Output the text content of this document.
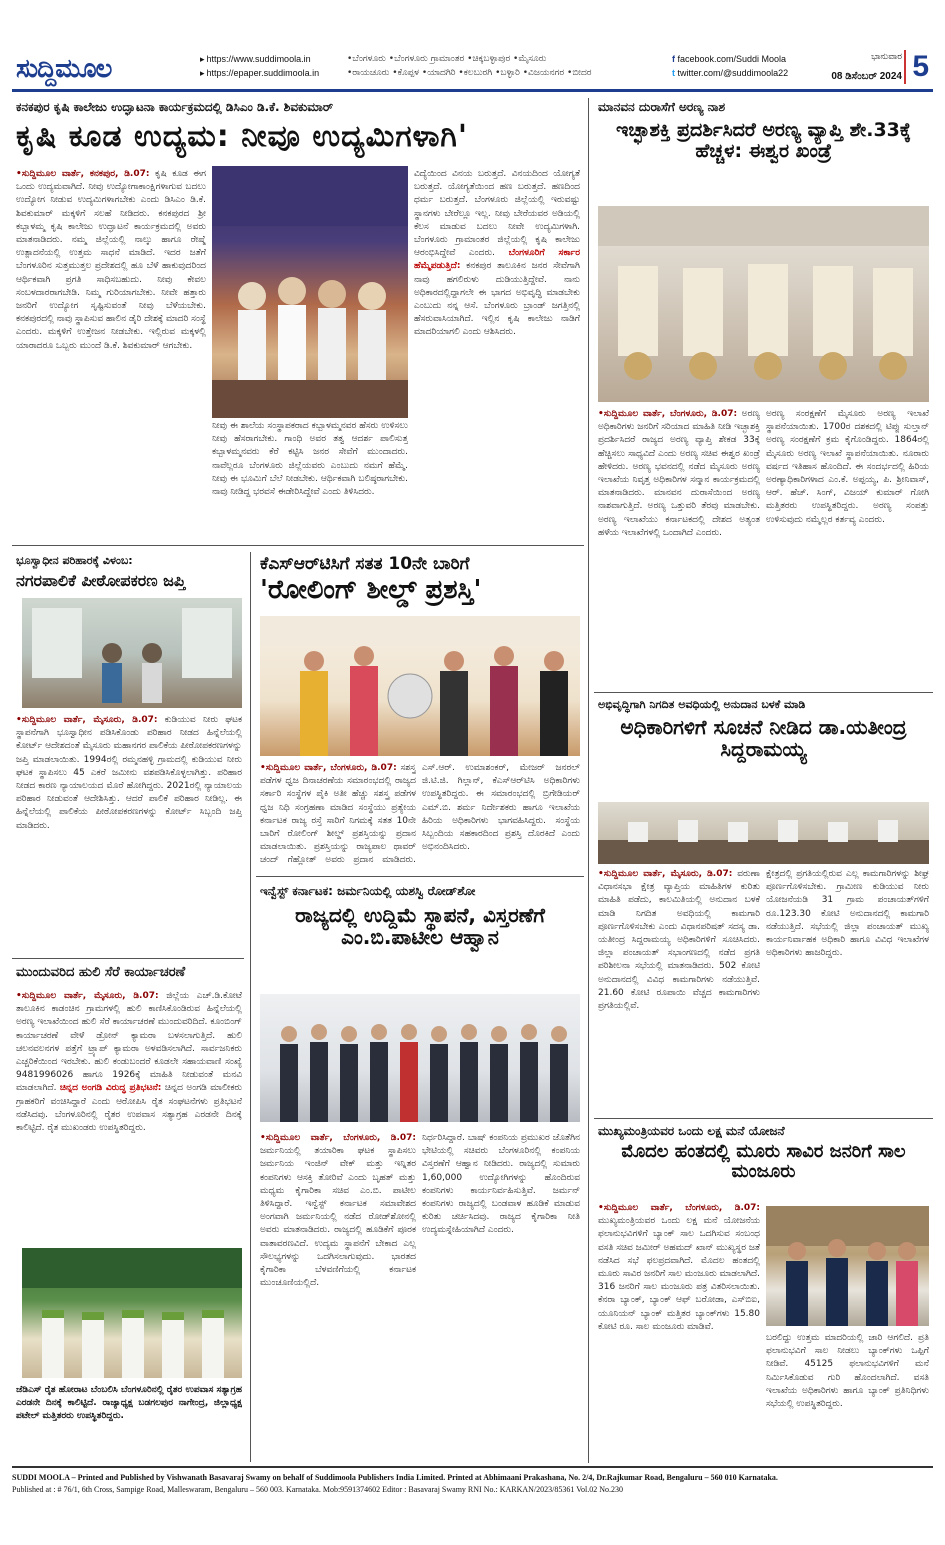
ಸುದ್ದಿಮೂಲ	▸ https://www.suddimoola.in
▸ https://epaper.suddimoola.in
•ಬೆಂಗಳೂರು •ಬೆಂಗಳೂರು ಗ್ರಾಮಾಂತರ •ಚಿಕ್ಕಬಳ್ಳಾಪುರ •ಮೈಸೂರು
•ರಾಯಚೂರು •ಕೊಪ್ಪಳ •ಯಾದಗಿರಿ •ಕಲಬುರಗಿ •ಬಳ್ಳಾರಿ •ವಿಜಯನಗರ •ಬೀದರ
f facebook.com/Suddi Moola
t twitter.com/@suddimoola22
ಭಾನುವಾರ
08 ಡಿಸೆಂಬರ್ 2024 5
ಕನಕಪುರ ಕೃಷಿ ಕಾಲೇಜು ಉದ್ಘಾಟನಾ ಕಾರ್ಯಕ್ರಮದಲ್ಲಿ ಡಿಸಿಎಂ ಡಿ.ಕೆ. ಶಿವಕುಮಾರ್
ಕೃಷಿ ಕೂಡ ಉದ್ಯಮ: ನೀವೂ ಉದ್ಯಮಿಗಳಾಗಿ'
•ಸುದ್ದಿಮೂಲ ವಾರ್ತೆ, ಕನಕಪುರ, ಡಿ.07: ಕೃಷಿ ಕೂಡ ಈಗ ಒಂದು ಉದ್ಯಮವಾಗಿದೆ. ನೀವು ಉದ್ಯೋಗಾಕಾಂಕ್ಷಿಗಳಾಗುವ ಬದಲು ಉದ್ಯೋಗ ನೀಡುವ ಉದ್ಯಮಿಗಳಾಗಬೇಕು ಎಂದು ಡಿಸಿಎಂ ಡಿ.ಕೆ. ಶಿವಕುಮಾರ್ ಮಕ್ಕಳಿಗೆ ಸಲಹೆ ನೀಡಿದರು. ಕನಕಪುರದ ಶ್ರೀ ಕಬ್ಬಾಳಮ್ಮ ಕೃಷಿ ಕಾಲೇಜು ಉದ್ಘಾಟನೆ ಕಾರ್ಯಕ್ರಮದಲ್ಲಿ ಅವರು ಮಾತನಾಡಿದರು. ನಮ್ಮ ಜಿಲ್ಲೆಯಲ್ಲಿ ನಾಲ್ಕು ಹಾಗೂ ರೇಷ್ಮೆ ಉತ್ಪಾದನೆಯಲ್ಲಿ ಉತ್ತಮ ಸಾಧನೆ ಮಾಡಿದೆ. ಇದರ ಜತೆಗೆ ಬೆಂಗಳೂರಿನ ಸುತ್ತಮುತ್ತಲ ಪ್ರದೇಶದಲ್ಲಿ ಹೂ ಬೆಳೆ ಹಾಕುವುದರಿಂದ ಆರ್ಥಿಕವಾಗಿ ಪ್ರಗತಿ ಸಾಧಿಸಬಹುದು. ನೀವು ಕೇವಲ ಸಂಬಳದಾರರಾಗಬೇಡಿ. ನಿಮ್ಮ ಗುರಿಯಾಗಬೇಕು. ನೀವೇ ಹತ್ತಾರು ಜನರಿಗೆ ಉದ್ಯೋಗ ಸೃಷ್ಟಿಸುವಂತೆ ನೀವು ಬೆಳೆಯಬೇಕು. ಕನಕಪುರದಲ್ಲಿ ನಾವು ಸ್ಥಾಪಿಸುವ ಹಾಲಿನ ಡೈರಿ ದೇಶಕ್ಕೆ ಮಾದರಿ ಸಂಸ್ಥೆ ಎಂದರು. ಮಕ್ಕಳಿಗೆ ಉತ್ತೇಜನ ನೀಡಬೇಕು. ಇಲ್ಲಿರುವ ಮಕ್ಕಳಲ್ಲಿ ಯಾರಾದರೂ ಒಬ್ಬರು ಮುಂದೆ ಡಿ.ಕೆ. ಶಿವಕುಮಾರ್ ಆಗಬೇಕು.
ನೀವು ಈ ಶಾಲೆಯ ಸಂಸ್ಥಾಪಕರಾದ ಕಬ್ಬಾಳಮ್ಮನವರ ಹೆಸರು ಉಳಿಸಲು ನೀವು ಹೆಸರಾಗಬೇಕು. ಗಾಂಧಿ ಅವರ ತತ್ವ ಆದರ್ಶ ಪಾಲಿಸುತ್ತ ಕಬ್ಬಾಳಮ್ಮನವರು ಕೆರೆ ಕಟ್ಟಿಸಿ ಜನರ ಸೇವೆಗೆ ಮುಂದಾದರು. ನಾವೆಲ್ಲರೂ ಬೆಂಗಳೂರು ಜಿಲ್ಲೆಯವರು ಎಂಬುದು ನಮಗೆ ಹೆಮ್ಮೆ. ನೀವು ಈ ಭೂಮಿಗೆ ಬೆಲೆ ನೀಡಬೇಕು. ಆರ್ಥಿಕವಾಗಿ ಬಲಿಷ್ಠರಾಗಬೇಕು. ನಾವು ನೀಡಿದ್ದ ಭರವಸೆ ಈಡೇರಿಸಿದ್ದೇವೆ ಎಂದು ತಿಳಿಸಿದರು.
ವಿದ್ಯೆಯಿಂದ ವಿನಯ ಬರುತ್ತದೆ. ವಿನಯದಿಂದ ಯೋಗ್ಯತೆ ಬರುತ್ತದೆ. ಯೋಗ್ಯತೆಯಿಂದ ಹಣ ಬರುತ್ತದೆ. ಹಣದಿಂದ ಧರ್ಮ ಬರುತ್ತದೆ. ಬೆಂಗಳೂರು ಜಿಲ್ಲೆಯಲ್ಲಿ ಇರುವಷ್ಟು ಸ್ಥಾನಗಳು ಬೇರೆಲ್ಲೂ ಇಲ್ಲ. ನೀವು ಬೇರೆಯವರ ಅಡಿಯಲ್ಲಿ ಕೆಲಸ ಮಾಡುವ ಬದಲು ನೀವೇ ಉದ್ಯಮಿಗಳಾಗಿ. ಬೆಂಗಳೂರು ಗ್ರಾಮಾಂತರ ಜಿಲ್ಲೆಯಲ್ಲಿ ಕೃಷಿ ಕಾಲೇಜು ಆರಂಭಿಸಿದ್ದೇವೆ ಎಂದರು. ಬೆಂಗಳೂರಿಗೆ ಸರ್ಕಾರ ಹೆಮ್ಮೆಪಡುತ್ತಿದೆ: ಕನಕಪುರ ತಾಲೂಕಿನ ಜನರ ಸೇವೆಗಾಗಿ ನಾವು ಹಗಲಿರುಳು ದುಡಿಯುತ್ತಿದ್ದೇವೆ. ನಾನು ಅಧಿಕಾರದಲ್ಲಿದ್ದಾಗಲೇ ಈ ಭಾಗದ ಅಭಿವೃದ್ಧಿ ಮಾಡಬೇಕು ಎಂಬುದು ನನ್ನ ಆಸೆ. ಬೆಂಗಳೂರು ಬ್ರಾಂಡ್ ಜಗತ್ತಿನಲ್ಲಿ ಹೆಸರುವಾಸಿಯಾಗಿದೆ. ಇಲ್ಲಿನ ಕೃಷಿ ಕಾಲೇಜು ನಾಡಿಗೆ ಮಾದರಿಯಾಗಲಿ ಎಂದು ಆಶಿಸಿದರು.
ಮಾನವನ ದುರಾಸೆಗೆ ಅರಣ್ಯ ನಾಶ
ಇಚ್ಛಾಶಕ್ತಿ ಪ್ರದರ್ಶಿಸಿದರೆ ಅರಣ್ಯ ವ್ಯಾಪ್ತಿ ಶೇ.33ಕ್ಕೆ ಹೆಚ್ಚಳ: ಈಶ್ವರ ಖಂಡ್ರೆ
•ಸುದ್ದಿಮೂಲ ವಾರ್ತೆ, ಬೆಂಗಳೂರು, ಡಿ.07: ಅರಣ್ಯ ಅಧಿಕಾರಿಗಳು ಜನರಿಗೆ ಸರಿಯಾದ ಮಾಹಿತಿ ನೀಡಿ ಇಚ್ಛಾಶಕ್ತಿ ಪ್ರದರ್ಶಿಸಿದರೆ ರಾಜ್ಯದ ಅರಣ್ಯ ವ್ಯಾಪ್ತಿ ಶೇಕಡ 33ಕ್ಕೆ ಹೆಚ್ಚಿಸಲು ಸಾಧ್ಯವಿದೆ ಎಂದು ಅರಣ್ಯ ಸಚಿವ ಈಶ್ವರ ಖಂಡ್ರೆ ಹೇಳಿದರು. ಅರಣ್ಯ ಭವನದಲ್ಲಿ ನಡೆದ ಮೈಸೂರು ಅರಣ್ಯ ಇಲಾಖೆಯ ನಿವೃತ್ತ ಅಧಿಕಾರಿಗಳ ಸನ್ಮಾನ ಕಾರ್ಯಕ್ರಮದಲ್ಲಿ ಮಾತನಾಡಿದರು. ಮಾನವನ ದುರಾಸೆಯಿಂದ ಅರಣ್ಯ ನಾಶವಾಗುತ್ತಿದೆ. ಅರಣ್ಯ ಒತ್ತುವರಿ ತೆರವು ಮಾಡಬೇಕು. ಅರಣ್ಯ ಇಲಾಖೆಯು ಕರ್ನಾಟಕದಲ್ಲಿ ದೇಶದ ಅತ್ಯಂತ ಹಳೆಯ ಇಲಾಖೆಗಳಲ್ಲಿ ಒಂದಾಗಿದೆ ಎಂದರು.
ಅರಣ್ಯ ಸಂರಕ್ಷಣೆಗೆ ಮೈಸೂರು ಅರಣ್ಯ ಇಲಾಖೆ ಸ್ಥಾಪನೆಯಾಯಿತು. 1700ರ ದಶಕದಲ್ಲಿ ಟಿಪ್ಪು ಸುಲ್ತಾನ್ ಅರಣ್ಯ ಸಂರಕ್ಷಣೆಗೆ ಕ್ರಮ ಕೈಗೊಂಡಿದ್ದರು. 1864ರಲ್ಲಿ ಮೈಸೂರು ಅರಣ್ಯ ಇಲಾಖೆ ಸ್ಥಾಪನೆಯಾಯಿತು. ನೂರಾರು ವರ್ಷದ ಇತಿಹಾಸ ಹೊಂದಿದೆ. ಈ ಸಂದರ್ಭದಲ್ಲಿ ಹಿರಿಯ ಅರಣ್ಯಾಧಿಕಾರಿಗಳಾದ ಎಂ.ಕೆ. ಅಪ್ಪಯ್ಯ, ಪಿ. ಶ್ರೀನಿವಾಸ್, ಆರ್. ಹೆಚ್. ಸಿಂಗ್, ವಿಜಯ್ ಕುಮಾರ್ ಗೋಗಿ ಮತ್ತಿತರರು ಉಪಸ್ಥಿತರಿದ್ದರು. ಅರಣ್ಯ ಸಂಪತ್ತು ಉಳಿಸುವುದು ನಮ್ಮೆಲ್ಲರ ಕರ್ತವ್ಯ ಎಂದರು.
ಭೂಸ್ವಾಧೀನ ಪರಿಹಾರಕ್ಕೆ ವಿಳಂಬ:
ನಗರಪಾಲಿಕೆ ಪೀಠೋಪಕರಣ ಜಪ್ತಿ
•ಸುದ್ದಿಮೂಲ ವಾರ್ತೆ, ಮೈಸೂರು, ಡಿ.07: ಕುಡಿಯುವ ನೀರು ಘಟಕ ಸ್ಥಾಪನೆಗಾಗಿ ಭೂಸ್ವಾಧೀನ ಪಡಿಸಿಕೊಂಡು ಪರಿಹಾರ ನೀಡದ ಹಿನ್ನೆಲೆಯಲ್ಲಿ ಕೋರ್ಟ್ ಆದೇಶದಂತೆ ಮೈಸೂರು ಮಹಾನಗರ ಪಾಲಿಕೆಯ ಪೀಠೋಪಕರಣಗಳನ್ನು ಜಪ್ತಿ ಮಾಡಲಾಯಿತು. 1994ರಲ್ಲಿ ರಮ್ಮನಹಳ್ಳಿ ಗ್ರಾಮದಲ್ಲಿ ಕುಡಿಯುವ ನೀರು ಘಟಕ ಸ್ಥಾಪಿಸಲು 45 ಎಕರೆ ಜಮೀನು ವಶಪಡಿಸಿಕೊಳ್ಳಲಾಗಿತ್ತು. ಪರಿಹಾರ ನೀಡದ ಕಾರಣ ನ್ಯಾಯಾಲಯದ ಮೊರೆ ಹೋಗಿದ್ದರು. 2021ರಲ್ಲಿ ನ್ಯಾಯಾಲಯ ಪರಿಹಾರ ನೀಡುವಂತೆ ಆದೇಶಿಸಿತ್ತು. ಆದರೆ ಪಾಲಿಕೆ ಪರಿಹಾರ ನೀಡಿಲ್ಲ. ಈ ಹಿನ್ನೆಲೆಯಲ್ಲಿ ಪಾಲಿಕೆಯ ಪೀಠೋಪಕರಣಗಳನ್ನು ಕೋರ್ಟ್ ಸಿಬ್ಬಂದಿ ಜಪ್ತಿ ಮಾಡಿದರು.
ಕೆಎಸ್ಆರ್‌ಟಿಸಿಗೆ ಸತತ 10ನೇ ಬಾರಿಗೆ
'ರೋಲಿಂಗ್ ಶೀಲ್ಡ್ ಪ್ರಶಸ್ತಿ'
•ಸುದ್ದಿಮೂಲ ವಾರ್ತೆ, ಬೆಂಗಳೂರು, ಡಿ.07: ಸಶಸ್ತ್ರ ಪಡೆಗಳ ಧ್ವಜ ದಿನಾಚರಣೆಯ ಸಮಾರಂಭದಲ್ಲಿ ರಾಜ್ಯದ ಸರ್ಕಾರಿ ಸಂಸ್ಥೆಗಳ ಪೈಕಿ ಅತೀ ಹೆಚ್ಚು ಸಶಸ್ತ್ರ ಪಡೆಗಳ ಧ್ವಜ ನಿಧಿ ಸಂಗ್ರಹಣಾ ಮಾಡಿದ ಸಂಸ್ಥೆಯು ಪ್ರತ್ಯೇಯ ಕರ್ನಾಟಕ ರಾಜ್ಯ ರಸ್ತೆ ಸಾರಿಗೆ ನಿಗಮಕ್ಕೆ ಸತತ 10ನೇ ಬಾರಿಗೆ ರೋಲಿಂಗ್ ಶೀಲ್ಡ್ ಪ್ರಶಸ್ತಿಯನ್ನು ಪ್ರದಾನ ಮಾಡಲಾಯಿತು. ಪ್ರಶಸ್ತಿಯನ್ನು ರಾಜ್ಯಪಾಲ ಥಾವರ್ ಚಂದ್ ಗೆಹ್ಲೋತ್ ಅವರು ಪ್ರದಾನ ಮಾಡಿದರು.
ಎಸ್.ಆರ್. ಉಮಾಶಂಕರ್, ಮೇಜರ್ ಜನರಲ್ ಜಿ.ಟಿ.ಜಿ. ಗಿಲ್ಲಾನ್, ಕೆಎಸ್ಆರ್‌ಟಿಸಿ ಅಧಿಕಾರಿಗಳು ಉಪಸ್ಥಿತರಿದ್ದರು. ಈ ಸಮಾರಂಭದಲ್ಲಿ ಬ್ರಿಗೇಡಿಯರ್ ಎಮ್.ಬಿ. ಶರ್ಮ ನಿರ್ದೇಶಕರು ಹಾಗೂ ಇಲಾಖೆಯ ಹಿರಿಯ ಅಧಿಕಾರಿಗಳು ಭಾಗವಹಿಸಿದ್ದರು. ಸಂಸ್ಥೆಯ ಸಿಬ್ಬಂದಿಯ ಸಹಕಾರದಿಂದ ಪ್ರಶಸ್ತಿ ದೊರಕಿದೆ ಎಂದು ಅಭಿನಂದಿಸಿದರು.
ಇನ್ವೆಸ್ಟ್ ಕರ್ನಾಟಕ: ಜರ್ಮನಿಯಲ್ಲಿ ಯಶಸ್ವಿ ರೋಡ್‌ಶೋ
ರಾಜ್ಯದಲ್ಲಿ ಉದ್ದಿಮೆ ಸ್ಥಾಪನೆ, ವಿಸ್ತರಣೆಗೆ ಎಂ.ಬಿ.ಪಾಟೀಲ ಆಹ್ವಾನ
•ಸುದ್ದಿಮೂಲ ವಾರ್ತೆ, ಬೆಂಗಳೂರು, ಡಿ.07: ಜರ್ಮನಿಯಲ್ಲಿ ತಯಾರಿಕಾ ಘಟಕ ಸ್ಥಾಪಿಸಲು ಜರ್ಮನಿಯ ಇಂಜಿನ್ ವೇಕ್ ಮತ್ತು ಇನ್ನಿತರ ಕಂಪನಿಗಳು ಆಸಕ್ತಿ ತೋರಿವೆ ಎಂದು ಬೃಹತ್ ಮತ್ತು ಮಧ್ಯಮ ಕೈಗಾರಿಕಾ ಸಚಿವ ಎಂ.ಬಿ. ಪಾಟೀಲ ತಿಳಿಸಿದ್ದಾರೆ. ಇನ್ವೆಸ್ಟ್ ಕರ್ನಾಟಕ ಸಮಾವೇಶದ ಅಂಗವಾಗಿ ಜರ್ಮನಿಯಲ್ಲಿ ನಡೆದ ರೋಡ್‌ಶೋನಲ್ಲಿ ಅವರು ಮಾತನಾಡಿದರು. ರಾಜ್ಯದಲ್ಲಿ ಹೂಡಿಕೆಗೆ ಪೂರಕ ವಾತಾವರಣವಿದೆ. ಉದ್ಯಮ ಸ್ಥಾಪನೆಗೆ ಬೇಕಾದ ಎಲ್ಲ ಸೌಲಭ್ಯಗಳನ್ನು ಒದಗಿಸಲಾಗುವುದು. ಭಾರತದ ಕೈಗಾರಿಕಾ ಬೆಳವಣಿಗೆಯಲ್ಲಿ ಕರ್ನಾಟಕ ಮುಂಚೂಣಿಯಲ್ಲಿದೆ.
ನಿರ್ಧರಿಸಿದ್ದಾರೆ. ಬಾಷ್ ಕಂಪನಿಯ ಪ್ರಮುಖರ ಜೊತೆಗಿನ ಭೇಟಿಯಲ್ಲಿ ಸಚಿವರು ಬೆಂಗಳೂರಿನಲ್ಲಿ ಕಂಪನಿಯ ವಿಸ್ತರಣೆಗೆ ಆಹ್ವಾನ ನೀಡಿದರು. ರಾಜ್ಯದಲ್ಲಿ ಸುಮಾರು 1,60,000 ಉದ್ಯೋಗಿಗಳನ್ನು ಹೊಂದಿರುವ ಕಂಪನಿಗಳು ಕಾರ್ಯನಿರ್ವಹಿಸುತ್ತಿವೆ. ಜರ್ಮನ್ ಕಂಪನಿಗಳು ರಾಜ್ಯದಲ್ಲಿ ಬಂಡವಾಳ ಹೂಡಿಕೆ ಮಾಡುವ ಕುರಿತು ಚರ್ಚಿಸಿದವು. ರಾಜ್ಯದ ಕೈಗಾರಿಕಾ ನೀತಿ ಉದ್ಯಮಸ್ನೇಹಿಯಾಗಿದೆ ಎಂದರು.
ಮುಂದುವರಿದ ಹುಲಿ ಸೆರೆ ಕಾರ್ಯಾಚರಣೆ
•ಸುದ್ದಿಮೂಲ ವಾರ್ತೆ, ಮೈಸೂರು, ಡಿ.07: ಜಿಲ್ಲೆಯ ಎಚ್.ಡಿ.ಕೋಟೆ ತಾಲೂಕಿನ ಕಾಡಂಚಿನ ಗ್ರಾಮಗಳಲ್ಲಿ ಹುಲಿ ಕಾಣಿಸಿಕೊಂಡಿರುವ ಹಿನ್ನೆಲೆಯಲ್ಲಿ ಅರಣ್ಯ ಇಲಾಖೆಯಿಂದ ಹುಲಿ ಸೆರೆ ಕಾರ್ಯಾಚರಣೆ ಮುಂದುವರಿದಿದೆ. ಕೂಂಬಿಂಗ್ ಕಾರ್ಯಾಚರಣೆ ವೇಳೆ ಡ್ರೋನ್ ಕ್ಯಾಮರಾ ಬಳಸಲಾಗುತ್ತಿದೆ. ಹುಲಿ ಚಲನವಲನಗಳ ಪತ್ತೆಗೆ ಟ್ರ್ಯಾಪ್ ಕ್ಯಾಮರಾ ಅಳವಡಿಸಲಾಗಿದೆ. ಸಾರ್ವಜನಿಕರು ಎಚ್ಚರಿಕೆಯಿಂದ ಇರಬೇಕು. ಹುಲಿ ಕಂಡುಬಂದರೆ ಕೂಡಲೇ ಸಹಾಯವಾಣಿ ಸಂಖ್ಯೆ 9481996026 ಹಾಗೂ 1926ಕ್ಕೆ ಮಾಹಿತಿ ನೀಡುವಂತೆ ಮನವಿ ಮಾಡಲಾಗಿದೆ. ಚಿನ್ನದ ಅಂಗಡಿ ವಿರುದ್ಧ ಪ್ರತಿಭಟನೆ: ಚಿನ್ನದ ಅಂಗಡಿ ಮಾಲೀಕರು ಗ್ರಾಹಕರಿಗೆ ವಂಚಿಸಿದ್ದಾರೆ ಎಂದು ಆರೋಪಿಸಿ ರೈತ ಸಂಘಟನೆಗಳು ಪ್ರತಿಭಟನೆ ನಡೆಸಿದವು. ಬೆಂಗಳೂರಿನಲ್ಲಿ ರೈತರ ಉಪವಾಸ ಸತ್ಯಾಗ್ರಹ ಎರಡನೇ ದಿನಕ್ಕೆ ಕಾಲಿಟ್ಟಿದೆ. ರೈತ ಮುಖಂಡರು ಉಪಸ್ಥಿತರಿದ್ದರು.
ಜೆಡಿಎಸ್ ರೈತ ಹೋರಾಟ ಬೆಂಬಲಿಸಿ ಬೆಂಗಳೂರಿನಲ್ಲಿ ರೈತರ ಉಪವಾಸ ಸತ್ಯಾಗ್ರಹ ಎರಡನೇ ದಿನಕ್ಕೆ ಕಾಲಿಟ್ಟಿದೆ. ರಾಜ್ಯಾಧ್ಯಕ್ಷ ಬಡಗಲಪುರ ನಾಗೇಂದ್ರ, ಜಿಲ್ಲಾಧ್ಯಕ್ಷ ಪಟೇಲ್ ಮತ್ತಿತರರು ಉಪಸ್ಥಿತರಿದ್ದರು.
ಅಭಿವೃದ್ಧಿಗಾಗಿ ನಿಗದಿತ ಅವಧಿಯಲ್ಲಿ ಅನುದಾನ ಬಳಕೆ ಮಾಡಿ
ಅಧಿಕಾರಿಗಳಿಗೆ ಸೂಚನೆ ನೀಡಿದ ಡಾ.ಯತೀಂದ್ರ ಸಿದ್ದರಾಮಯ್ಯ
•ಸುದ್ದಿಮೂಲ ವಾರ್ತೆ, ಮೈಸೂರು, ಡಿ.07: ವರುಣಾ ವಿಧಾನಸಭಾ ಕ್ಷೇತ್ರ ವ್ಯಾಪ್ತಿಯ ಮಾಹಿತಿಗಳ ಕುರಿತು ಮಾಹಿತಿ ಪಡೆದು, ಕಾಲಮಿತಿಯಲ್ಲಿ ಅನುದಾನ ಬಳಕೆ ಮಾಡಿ ನಿಗದಿತ ಅವಧಿಯಲ್ಲಿ ಕಾಮಗಾರಿ ಪೂರ್ಣಗೊಳಿಸಬೇಕು ಎಂದು ವಿಧಾನಪರಿಷತ್ ಸದಸ್ಯ ಡಾ. ಯತೀಂದ್ರ ಸಿದ್ದರಾಮಯ್ಯ ಅಧಿಕಾರಿಗಳಿಗೆ ಸೂಚಿಸಿದರು. ಜಿಲ್ಲಾ ಪಂಚಾಯತ್ ಸಭಾಂಗಣದಲ್ಲಿ ನಡೆದ ಪ್ರಗತಿ ಪರಿಶೀಲನಾ ಸಭೆಯಲ್ಲಿ ಮಾತನಾಡಿದರು. 502 ಕೋಟಿ ಅನುದಾನದಲ್ಲಿ ವಿವಿಧ ಕಾಮಗಾರಿಗಳು ನಡೆಯುತ್ತಿವೆ. 21.60 ಕೋಟಿ ರೂಪಾಯಿ ವೆಚ್ಚದ ಕಾಮಗಾರಿಗಳು ಪ್ರಗತಿಯಲ್ಲಿವೆ.
ಕ್ಷೇತ್ರದಲ್ಲಿ ಪ್ರಗತಿಯಲ್ಲಿರುವ ಎಲ್ಲ ಕಾಮಗಾರಿಗಳನ್ನು ಶೀಘ್ರ ಪೂರ್ಣಗೊಳಿಸಬೇಕು. ಗ್ರಾಮೀಣ ಕುಡಿಯುವ ನೀರು ಯೋಜನೆಯಡಿ 31 ಗ್ರಾಮ ಪಂಚಾಯತ್‌ಗಳಿಗೆ ರೂ.123.30 ಕೋಟಿ ಅನುದಾನದಲ್ಲಿ ಕಾಮಗಾರಿ ನಡೆಯುತ್ತಿದೆ. ಸಭೆಯಲ್ಲಿ ಜಿಲ್ಲಾ ಪಂಚಾಯತ್ ಮುಖ್ಯ ಕಾರ್ಯನಿರ್ವಾಹಕ ಅಧಿಕಾರಿ ಹಾಗೂ ವಿವಿಧ ಇಲಾಖೆಗಳ ಅಧಿಕಾರಿಗಳು ಹಾಜರಿದ್ದರು.
ಮುಖ್ಯಮಂತ್ರಿಯವರ ಒಂದು ಲಕ್ಷ ಮನೆ ಯೋಜನೆ
ಮೊದಲ ಹಂತದಲ್ಲಿ ಮೂರು ಸಾವಿರ ಜನರಿಗೆ ಸಾಲ ಮಂಜೂರು
•ಸುದ್ದಿಮೂಲ ವಾರ್ತೆ, ಬೆಂಗಳೂರು, ಡಿ.07: ಮುಖ್ಯಮಂತ್ರಿಯವರ ಒಂದು ಲಕ್ಷ ಮನೆ ಯೋಜನೆಯ ಫಲಾನುಭವಿಗಳಿಗೆ ಬ್ಯಾಂಕ್ ಸಾಲ ಒದಗಿಸುವ ಸಂಬಂಧ ವಸತಿ ಸಚಿವ ಜಮೀರ್ ಅಹಮದ್ ಖಾನ್ ಮುಖ್ಯಸ್ಥರ ಜತೆ ನಡೆಸಿದ ಸಭೆ ಫಲಪ್ರದವಾಗಿದೆ. ಮೊದಲ ಹಂತದಲ್ಲಿ ಮೂರು ಸಾವಿರ ಜನರಿಗೆ ಸಾಲ ಮಂಜೂರು ಮಾಡಲಾಗಿದೆ. 316 ಜನರಿಗೆ ಸಾಲ ಮಂಜೂರು ಪತ್ರ ವಿತರಿಸಲಾಯಿತು. ಕೆನರಾ ಬ್ಯಾಂಕ್, ಬ್ಯಾಂಕ್ ಆಫ್ ಬರೋಡಾ, ಎಸ್‌ಬಿಐ, ಯೂನಿಯನ್ ಬ್ಯಾಂಕ್ ಮತ್ತಿತರ ಬ್ಯಾಂಕ್‌ಗಳು 15.80 ಕೋಟಿ ರೂ. ಸಾಲ ಮಂಜೂರು ಮಾಡಿವೆ.
ಬರಲಿದ್ದು ಉತ್ತಮ ಮಾದರಿಯಲ್ಲಿ ಜಾರಿ ಆಗಲಿದೆ. ಪ್ರತಿ ಫಲಾನುಭವಿಗೆ ಸಾಲ ನೀಡಲು ಬ್ಯಾಂಕ್‌ಗಳು ಒಪ್ಪಿಗೆ ನೀಡಿವೆ. 45125 ಫಲಾನುಭವಿಗಳಿಗೆ ಮನೆ ನಿರ್ಮಿಸಿಕೊಡುವ ಗುರಿ ಹೊಂದಲಾಗಿದೆ. ವಸತಿ ಇಲಾಖೆಯ ಅಧಿಕಾರಿಗಳು ಹಾಗೂ ಬ್ಯಾಂಕ್ ಪ್ರತಿನಿಧಿಗಳು ಸಭೆಯಲ್ಲಿ ಉಪಸ್ಥಿತರಿದ್ದರು.
SUDDI MOOLA – Printed and Published by Vishwanath Basavaraj Swamy on behalf of Suddimoola Publishers India Limited. Printed at Abhimaani Prakashana, No. 2/4, Dr.Rajkumar Road, Bengaluru – 560 010 Karnataka.
Published at : # 76/1, 6th Cross, Sampige Road, Malleswaram, Bengaluru – 560 003. Karnataka. Mob:9591374602 Editor : Basavaraj Swamy RNI No.: KARKAN/2023/85361 Vol.02 No.230
